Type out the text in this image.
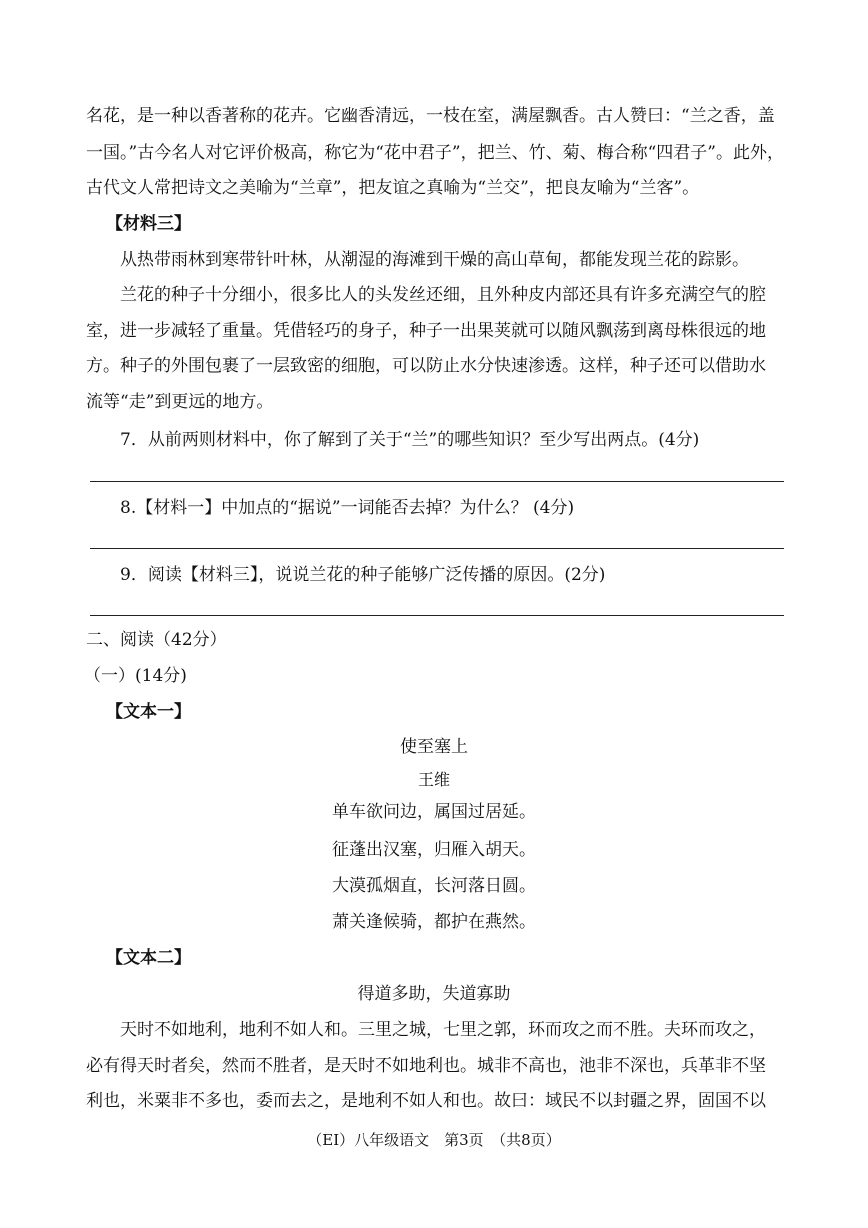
名花，是一种以香著称的花卉。它幽香清远，一枝在室，满屋飘香。古人赞曰：“兰之香，盖
一国。”古今名人对它评价极高，称它为“花中君子”，把兰、竹、菊、梅合称“四君子”。此外，
古代文人常把诗文之美喻为“兰章”，把友谊之真喻为“兰交”，把良友喻为“兰客”。
【材料三】
从热带雨林到寒带针叶林，从潮湿的海滩到干燥的高山草甸，都能发现兰花的踪影。
兰花的种子十分细小，很多比人的头发丝还细，且外种皮内部还具有许多充满空气的腔
室，进一步减轻了重量。凭借轻巧的身子，种子一出果荚就可以随风飘荡到离母株很远的地
方。种子的外围包裹了一层致密的细胞，可以防止水分快速渗透。这样，种子还可以借助水
流等“走”到更远的地方。
7．从前两则材料中，你了解到了关于“兰”的哪些知识？至少写出两点。(4分)
8.【材料一】中加点的“据说”一词能否去掉？为什么？ (4分)
9．阅读【材料三】，说说兰花的种子能够广泛传播的原因。(2分)
二、阅读（42分）
（一）(14分)
【文本一】
使至塞上
王维
单车欲问边，属国过居延。
征蓬出汉塞，归雁入胡天。
大漠孤烟直，长河落日圆。
萧关逢候骑，都护在燕然。
【文本二】
得道多助，失道寡助
天时不如地利，地利不如人和。三里之城，七里之郭，环而攻之而不胜。夫环而攻之，
必有得天时者矣，然而不胜者，是天时不如地利也。城非不高也，池非不深也，兵革非不坚
利也，米粟非不多也，委而去之，是地利不如人和也。故曰：域民不以封疆之界，固国不以
（EI）八年级语文　第3页　（共8页）
